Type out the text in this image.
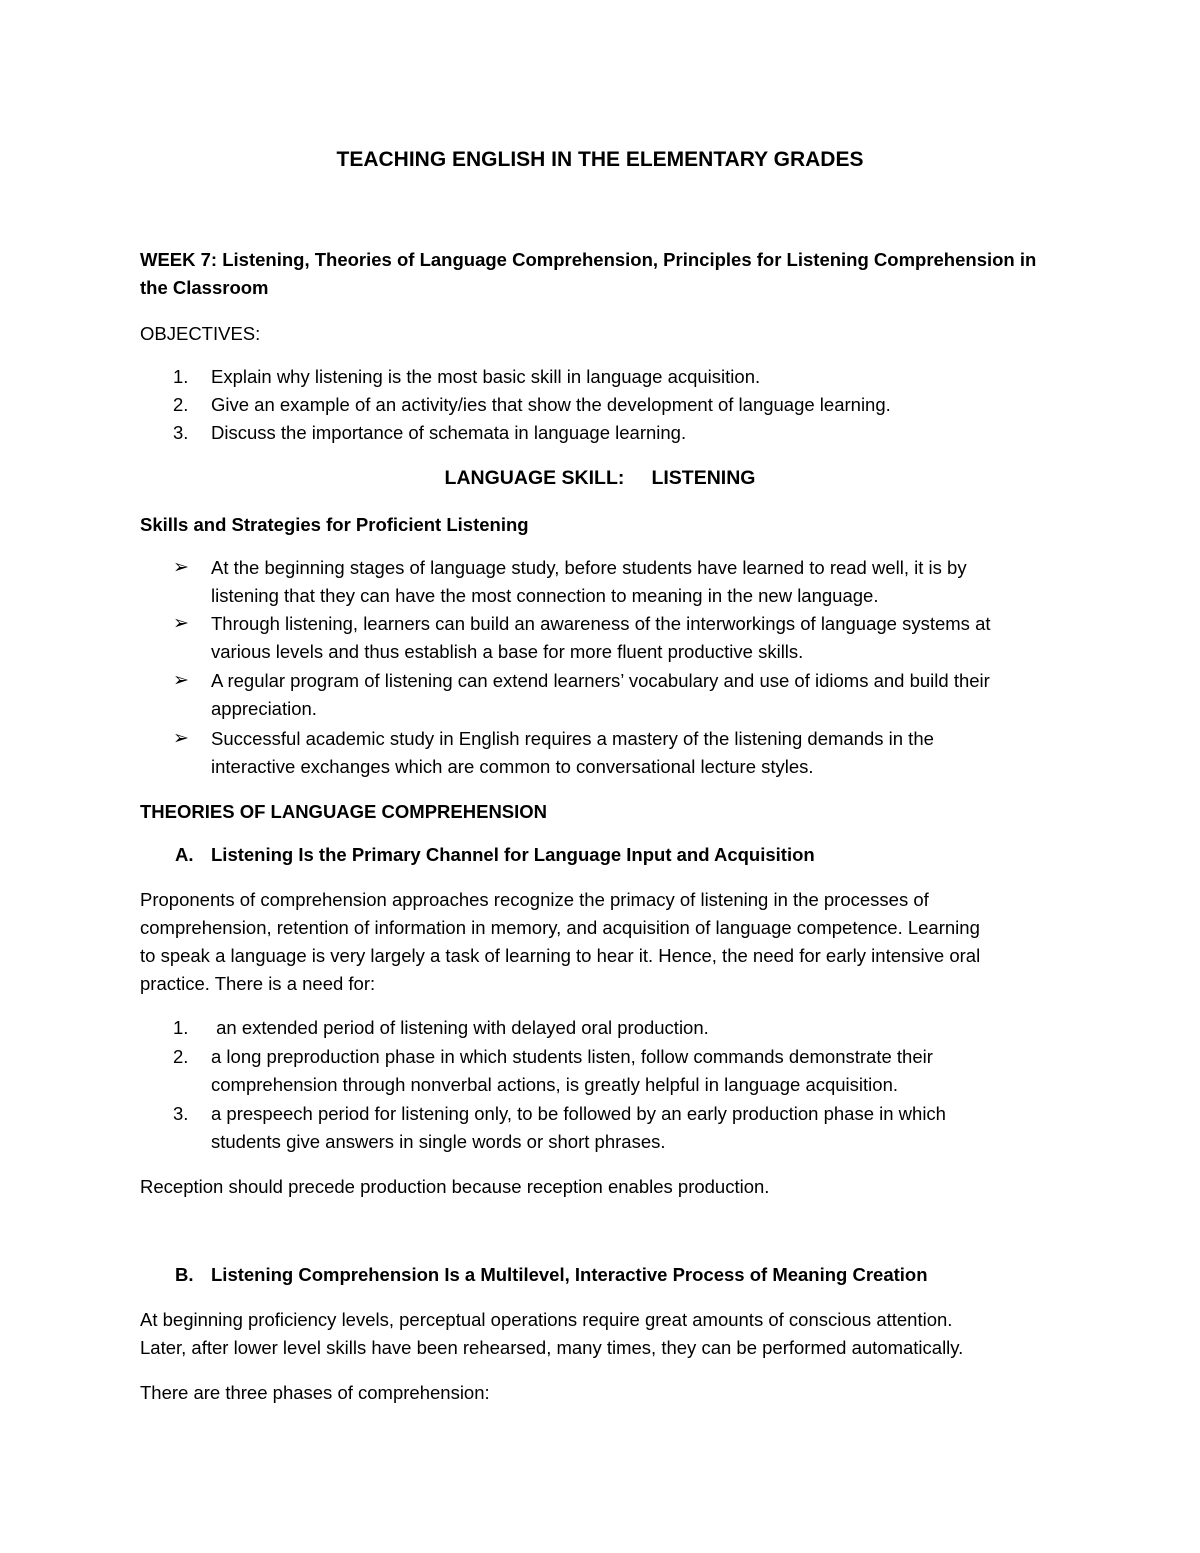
TEACHING ENGLISH IN THE ELEMENTARY GRADES
WEEK 7: Listening, Theories of Language Comprehension, Principles for Listening Comprehension in
the Classroom
OBJECTIVES:
1. Explain why listening is the most basic skill in language acquisition.
2. Give an example of an activity/ies that show the development of language learning.
3. Discuss the importance of schemata in language learning.
LANGUAGE SKILL:     LISTENING
Skills and Strategies for Proficient Listening
➢ At the beginning stages of language study, before students have learned to read well, it is by
listening that they can have the most connection to meaning in the new language.
➢ Through listening, learners can build an awareness of the interworkings of language systems at
various levels and thus establish a base for more fluent productive skills.
➢ A regular program of listening can extend learners’ vocabulary and use of idioms and build their
appreciation.
➢ Successful academic study in English requires a mastery of the listening demands in the
interactive exchanges which are common to conversational lecture styles.
THEORIES OF LANGUAGE COMPREHENSION
A. Listening Is the Primary Channel for Language Input and Acquisition
Proponents of comprehension approaches recognize the primacy of listening in the processes of
comprehension, retention of information in memory, and acquisition of language competence. Learning
to speak a language is very largely a task of learning to hear it. Hence, the need for early intensive oral
practice. There is a need for:
1. an extended period of listening with delayed oral production.
2. a long preproduction phase in which students listen, follow commands demonstrate their
comprehension through nonverbal actions, is greatly helpful in language acquisition.
3. a prespeech period for listening only, to be followed by an early production phase in which
students give answers in single words or short phrases.
Reception should precede production because reception enables production.
B. Listening Comprehension Is a Multilevel, Interactive Process of Meaning Creation
At beginning proficiency levels, perceptual operations require great amounts of conscious attention.
Later, after lower level skills have been rehearsed, many times, they can be performed automatically.
There are three phases of comprehension:
